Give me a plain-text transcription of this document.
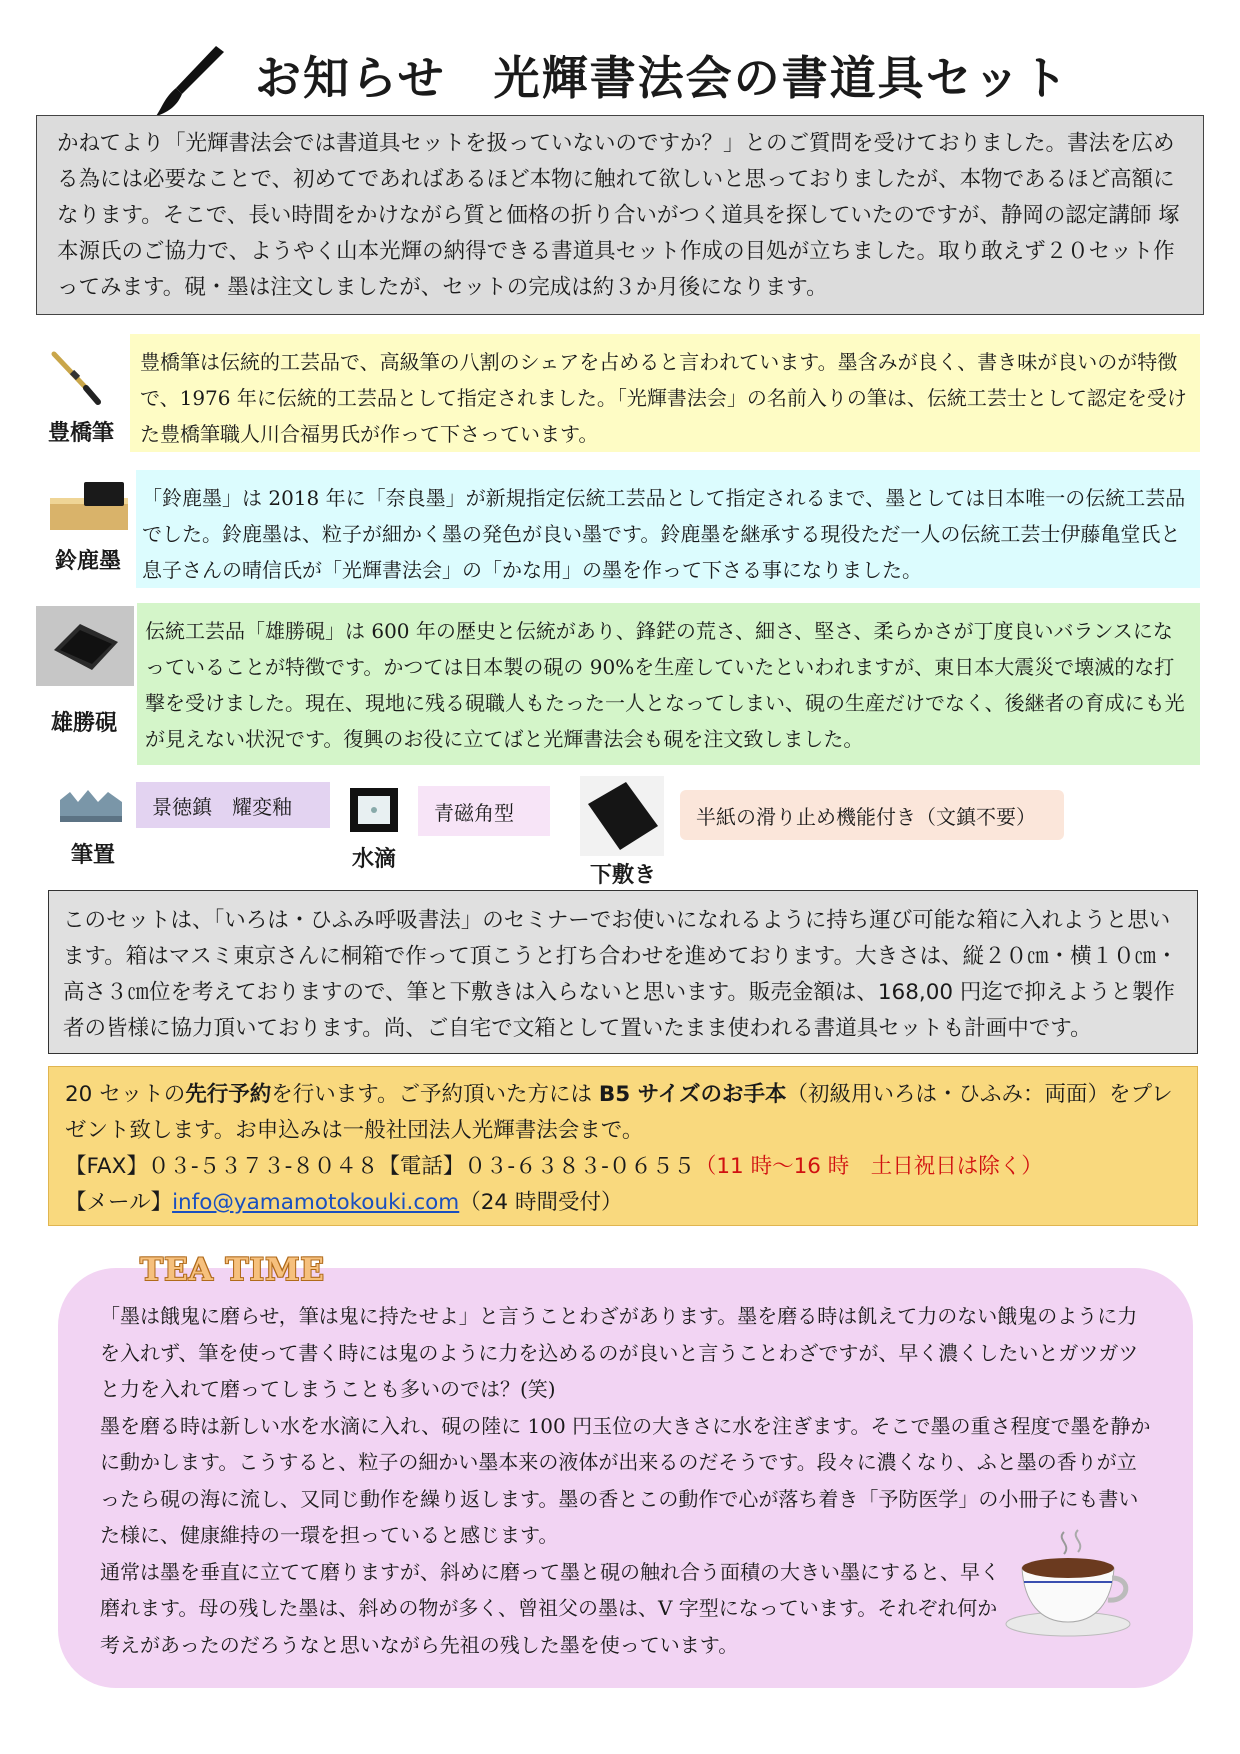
お知らせ　光輝書法会の書道具セット

かねてより「光輝書法会では書道具セットを扱っていないのですか？」とのご質問を受けておりました。書法を広める為には必要なことで、初めてであればあるほど本物に触れて欲しいと思っておりましたが、本物であるほど高額になります。そこで、長い時間をかけながら質と価格の折り合いがつく道具を探していたのですが、静岡の認定講師 塚本源氏のご協力で、ようやく山本光輝の納得できる書道具セット作成の目処が立ちました。取り敢えず２０セット作ってみます。硯・墨は注文しましたが、セットの完成は約３か月後になります。

豊橋筆

豊橋筆は伝統的工芸品で、高級筆の八割のシェアを占めると言われています。墨含みが良く、書き味が良いのが特徴で、1976 年に伝統的工芸品として指定されました。「光輝書法会」の名前入りの筆は、伝統工芸士として認定を受けた豊橋筆職人川合福男氏が作って下さっています。

鈴鹿墨

「鈴鹿墨」は 2018 年に「奈良墨」が新規指定伝統工芸品として指定されるまで、墨としては日本唯一の伝統工芸品でした。鈴鹿墨は、粒子が細かく墨の発色が良い墨です。鈴鹿墨を継承する現役ただ一人の伝統工芸士伊藤亀堂氏と息子さんの晴信氏が「光輝書法会」の「かな用」の墨を作って下さる事になりました。

雄勝硯

伝統工芸品「雄勝硯」は 600 年の歴史と伝統があり、鋒鋩の荒さ、細さ、堅さ、柔らかさが丁度良いバランスになっていることが特徴です。かつては日本製の硯の 90%を生産していたといわれますが、東日本大震災で壊滅的な打撃を受けました。現在、現地に残る硯職人もたった一人となってしまい、硯の生産だけでなく、後継者の育成にも光が見えない状況です。復興のお役に立てばと光輝書法会も硯を注文致しました。

筆置
景徳鎮　耀変釉
水滴
青磁角型
下敷き
半紙の滑り止め機能付き（文鎮不要）

このセットは、「いろは・ひふみ呼吸書法」のセミナーでお使いになれるように持ち運び可能な箱に入れようと思います。箱はマスミ東京さんに桐箱で作って頂こうと打ち合わせを進めております。大きさは、縦２０㎝・横１０㎝・高さ３㎝位を考えておりますので、筆と下敷きは入らないと思います。販売金額は、168,00 円迄で抑えようと製作者の皆様に協力頂いております。尚、ご自宅で文箱として置いたまま使われる書道具セットも計画中です。

20 セットの先行予約を行います。ご予約頂いた方には B5 サイズのお手本（初級用いろは・ひふみ：両面）をプレゼント致します。お申込みは一般社団法人光輝書法会まで。

【FAX】０３-５３７３-８０４８【電話】０３-６３８３-０６５５（11 時～16 時　土日祝日は除く）

【メール】info@yamamotokouki.com（24 時間受付）

「墨は餓鬼に磨らせ，筆は鬼に持たせよ」と言うことわざがあります。墨を磨る時は飢えて力のない餓鬼のように力を入れず、筆を使って書く時には鬼のように力を込めるのが良いと言うことわざですが、早く濃くしたいとガツガツと力を入れて磨ってしまうことも多いのでは？(笑)

墨を磨る時は新しい水を水滴に入れ、硯の陸に 100 円玉位の大きさに水を注ぎます。そこで墨の重さ程度で墨を静かに動かします。こうすると、粒子の細かい墨本来の液体が出来るのだそうです。段々に濃くなり、ふと墨の香りが立ったら硯の海に流し、又同じ動作を繰り返します。墨の香とこの動作で心が落ち着き「予防医学」の小冊子にも書いた様に、健康維持の一環を担っていると感じます。

通常は墨を垂直に立てて磨りますが、斜めに磨って墨と硯の触れ合う面積の大きい墨にすると、早く磨れます。母の残した墨は、斜めの物が多く、曾祖父の墨は、V 字型になっています。それぞれ何か考えがあったのだろうなと思いながら先祖の残した墨を使っています。

TEA TIME
